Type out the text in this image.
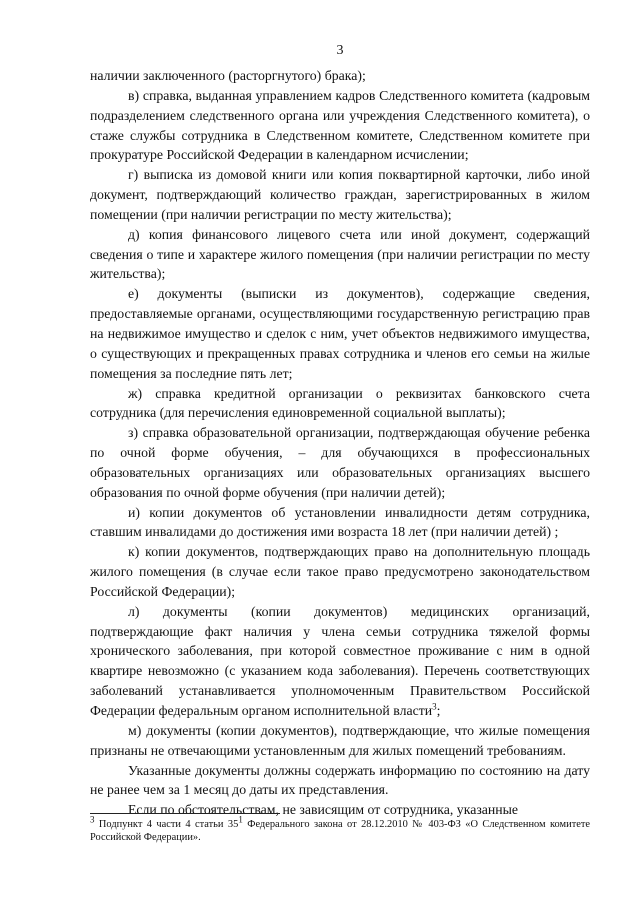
3

наличии заключенного (расторгнутого) брака);

в) справка, выданная управлением кадров Следственного комитета (кадровым подразделением следственного органа или учреждения Следственного комитета), о стаже службы сотрудника в Следственном комитете, Следственном комитете при прокуратуре Российской Федерации в календарном исчислении;

г) выписка из домовой книги или копия поквартирной карточки, либо иной документ, подтверждающий количество граждан, зарегистрированных в жилом помещении (при наличии регистрации по месту жительства);

д) копия финансового лицевого счета или иной документ, содержащий сведения о типе и характере жилого помещения (при наличии регистрации по месту жительства);

е) документы (выписки из документов), содержащие сведения, предоставляемые органами, осуществляющими государственную регистрацию прав на недвижимое имущество и сделок с ним, учет объектов недвижимого имущества, о существующих и прекращенных правах сотрудника и членов его семьи на жилые помещения за последние пять лет;

ж) справка кредитной организации о реквизитах банковского счета сотрудника (для перечисления единовременной социальной выплаты);

з) справка образовательной организации, подтверждающая обучение ребенка по очной форме обучения, – для обучающихся в профессиональных образовательных организациях или образовательных организациях высшего образования по очной форме обучения (при наличии детей);

и) копии документов об установлении инвалидности детям сотрудника, ставшим инвалидами до достижения ими возраста 18 лет (при наличии детей) ;

к) копии документов, подтверждающих право на дополнительную площадь жилого помещения (в случае если такое право предусмотрено законодательством Российской Федерации);

л) документы (копии документов) медицинских организаций, подтверждающие факт наличия у члена семьи сотрудника тяжелой формы хронического заболевания, при которой совместное проживание с ним в одной квартире невозможно (с указанием кода заболевания). Перечень соответствующих заболеваний устанавливается уполномоченным Правительством Российской Федерации федеральным органом исполнительной власти$^3$;

м) документы (копии документов), подтверждающие, что жилые помещения признаны не отвечающими установленным для жилых помещений требованиям.

Указанные документы должны содержать информацию по состоянию на дату не ранее чем за 1 месяц до даты их представления.

Если по обстоятельствам, не зависящим от сотрудника, указанные

$^3$ Подпункт 4 части 4 статьи $35^1$ Федерального закона от 28.12.2010 № 403-ФЗ «О Следственном комитете Российской Федерации».
